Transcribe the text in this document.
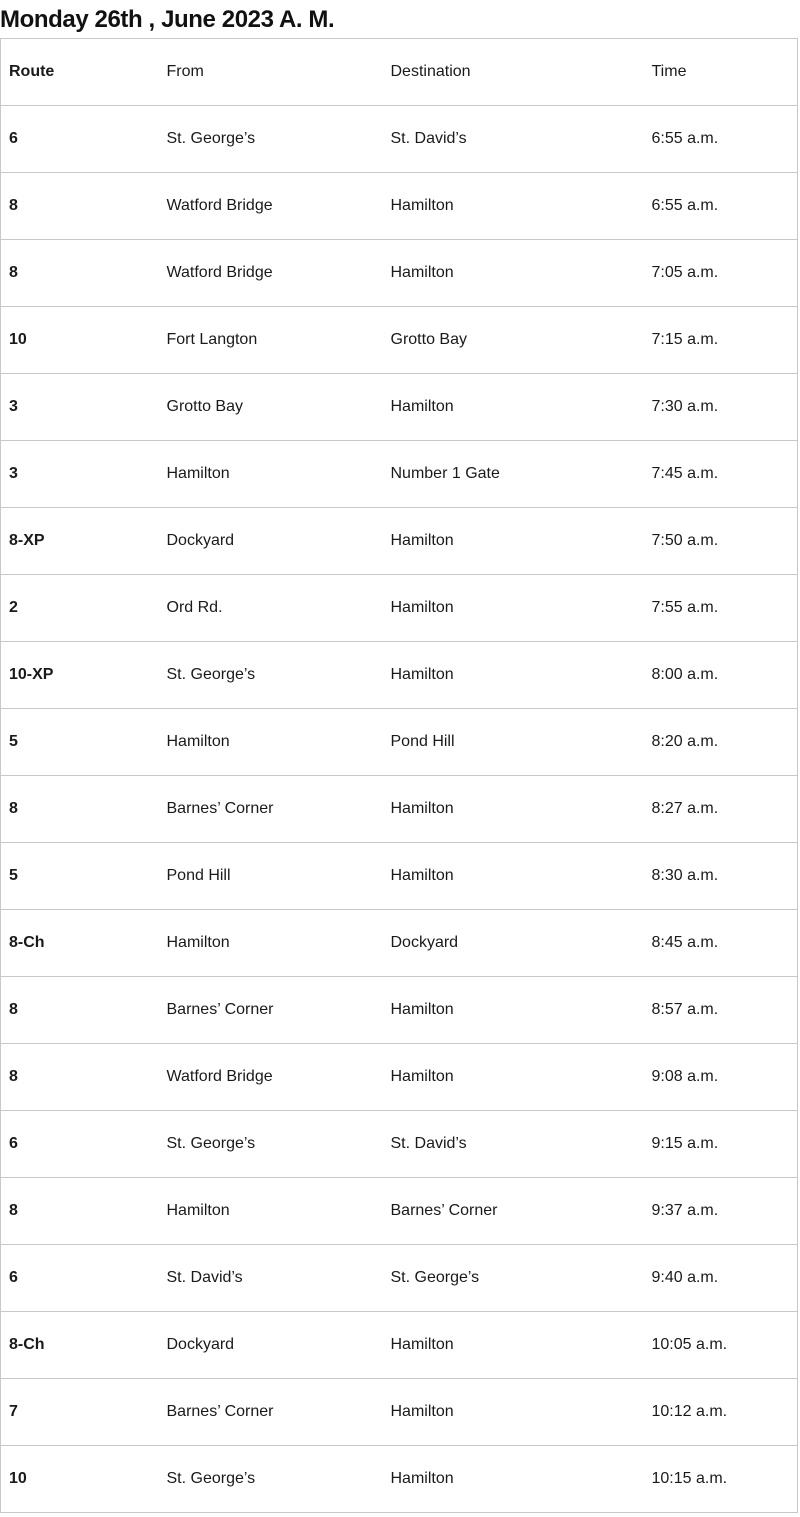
Monday 26th , June 2023 A. M.
Route	From	Destination	Time
6	St. George’s	St. David’s	6:55 a.m.
8	Watford Bridge	Hamilton	6:55 a.m.
8	Watford Bridge	Hamilton	7:05 a.m.
10	Fort Langton	Grotto Bay	7:15 a.m.
3	Grotto Bay	Hamilton	7:30 a.m.
3	Hamilton	Number 1 Gate	7:45 a.m.
8-XP	Dockyard	Hamilton	7:50 a.m.
2	Ord Rd.	Hamilton	7:55 a.m.
10-XP	St. George’s	Hamilton	8:00 a.m.
5	Hamilton	Pond Hill	8:20 a.m.
8	Barnes’ Corner	Hamilton	8:27 a.m.
5	Pond Hill	Hamilton	8:30 a.m.
8-Ch	Hamilton	Dockyard	8:45 a.m.
8	Barnes’ Corner	Hamilton	8:57 a.m.
8	Watford Bridge	Hamilton	9:08 a.m.
6	St. George’s	St. David’s	9:15 a.m.
8	Hamilton	Barnes’ Corner	9:37 a.m.
6	St. David’s	St. George’s	9:40 a.m.
8-Ch	Dockyard	Hamilton	10:05 a.m.
7	Barnes’ Corner	Hamilton	10:12 a.m.
10	St. George’s	Hamilton	10:15 a.m.
